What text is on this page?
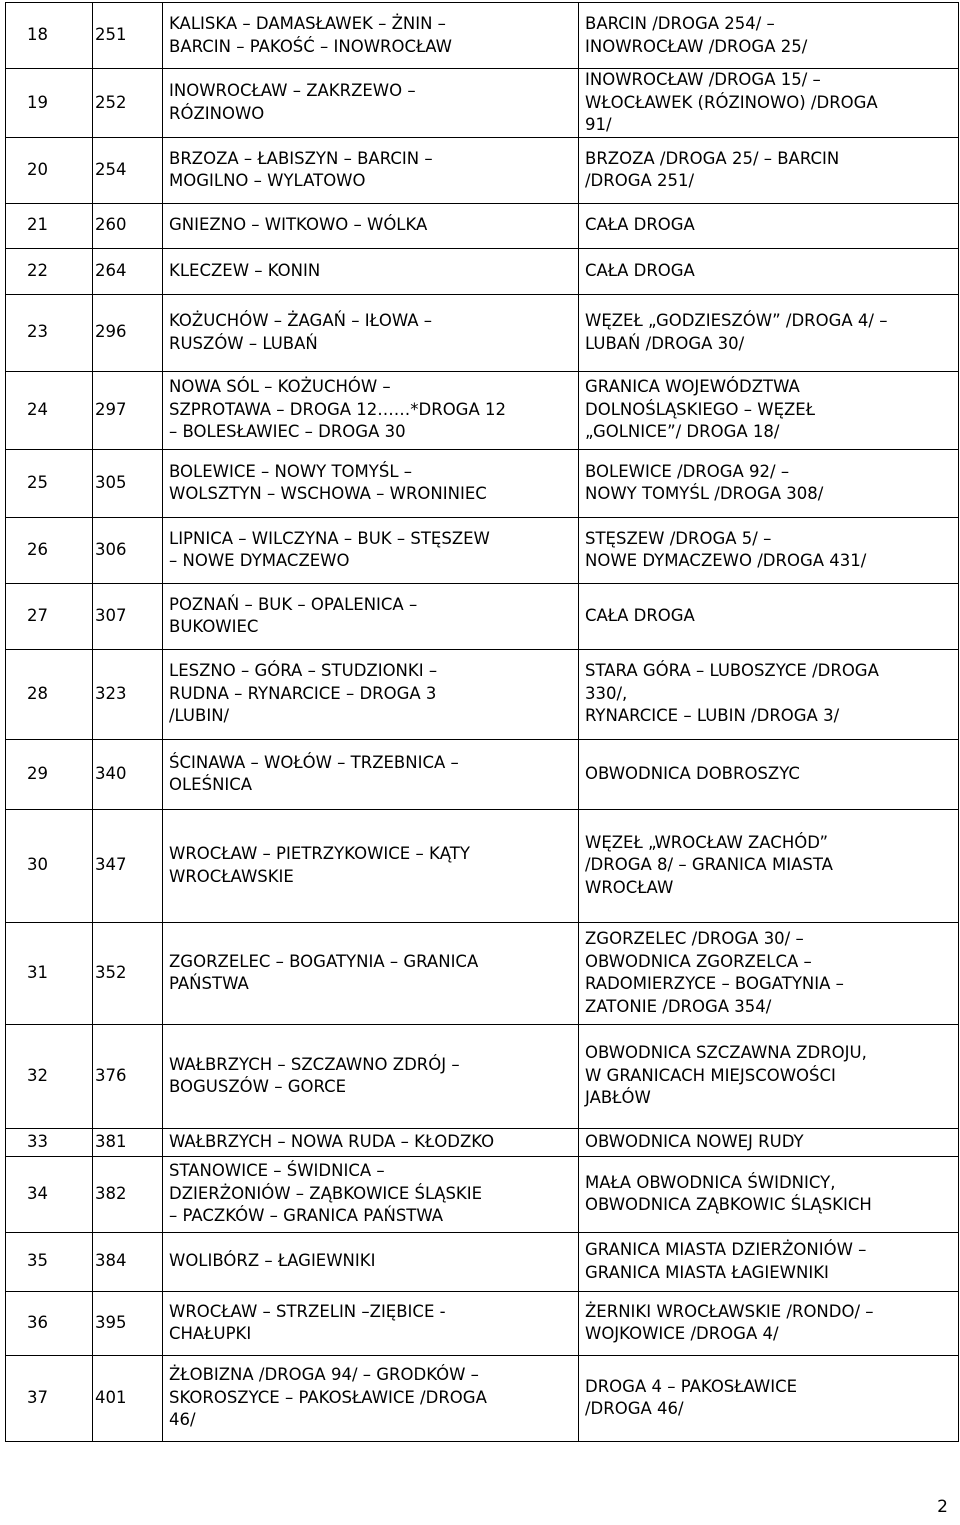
18	251	KALISKA – DAMASŁAWEK – ŻNIN –
BARCIN – PAKOŚĆ – INOWROCŁAW	BARCIN /DROGA 254/ –
INOWROCŁAW /DROGA 25/

19	252	INOWROCŁAW – ZAKRZEWO –
RÓZINOWO	INOWROCŁAW /DROGA 15/ –
WŁOCŁAWEK (RÓZINOWO) /DROGA
91/

20	254	BRZOZA – ŁABISZYN – BARCIN –
MOGILNO – WYLATOWO	BRZOZA /DROGA 25/ – BARCIN
/DROGA 251/

21	260	GNIEZNO – WITKOWO – WÓLKA	CAŁA DROGA

22	264	KLECZEW – KONIN	CAŁA DROGA

23	296	KOŻUCHÓW – ŻAGAŃ – IŁOWA –
RUSZÓW – LUBAŃ	WĘZEŁ „GODZIESZÓW” /DROGA 4/ –
LUBAŃ /DROGA 30/

24	297	NOWA SÓL – KOŻUCHÓW –
SZPROTAWA – DROGA 12……*DROGA 12
– BOLESŁAWIEC – DROGA 30	GRANICA WOJEWÓDZTWA
DOLNOŚLĄSKIEGO – WĘZEŁ
„GOLNICE”/ DROGA 18/

25	305	BOLEWICE – NOWY TOMYŚL –
WOLSZTYN – WSCHOWA – WRONINIEC	BOLEWICE /DROGA 92/ –
NOWY TOMYŚL /DROGA 308/

26	306	LIPNICA – WILCZYNA – BUK – STĘSZEW
– NOWE DYMACZEWO	STĘSZEW /DROGA 5/ –
NOWE DYMACZEWO /DROGA 431/

27	307	POZNAŃ – BUK – OPALENICA –
BUKOWIEC	CAŁA DROGA

28	323	LESZNO – GÓRA – STUDZIONKI –
RUDNA – RYNARCICE – DROGA 3
/LUBIN/	STARA GÓRA – LUBOSZYCE /DROGA
330/,
RYNARCICE – LUBIN /DROGA 3/

29	340	ŚCINAWA – WOŁÓW – TRZEBNICA –
OLEŚNICA	OBWODNICA DOBROSZYC

30	347	WROCŁAW – PIETRZYKOWICE – KĄTY
WROCŁAWSKIE	WĘZEŁ „WROCŁAW ZACHÓD”
/DROGA 8/ – GRANICA MIASTA
WROCŁAW

31	352	ZGORZELEC – BOGATYNIA – GRANICA
PAŃSTWA	ZGORZELEC /DROGA 30/ –
OBWODNICA ZGORZELCA –
RADOMIERZYCE – BOGATYNIA –
ZATONIE /DROGA 354/

32	376	WAŁBRZYCH – SZCZAWNO ZDRÓJ –
BOGUSZÓW – GORCE	OBWODNICA SZCZAWNA ZDROJU,
W GRANICACH MIEJSCOWOŚCI
JABŁÓW

33	381	WAŁBRZYCH – NOWA RUDA – KŁODZKO	OBWODNICA NOWEJ RUDY

34	382	STANOWICE – ŚWIDNICA –
DZIERŻONIÓW – ZĄBKOWICE ŚLĄSKIE
– PACZKÓW – GRANICA PAŃSTWA	MAŁA OBWODNICA ŚWIDNICY,
OBWODNICA ZĄBKOWIC ŚLĄSKICH

35	384	WOLIBÓRZ – ŁAGIEWNIKI	GRANICA MIASTA DZIERŻONIÓW –
GRANICA MIASTA ŁAGIEWNIKI

36	395	WROCŁAW – STRZELIN –ZIĘBICE -
CHAŁUPKI	ŻERNIKI WROCŁAWSKIE /RONDO/ –
WOJKOWICE /DROGA 4/

37	401	ŻŁOBIZNA /DROGA 94/ – GRODKÓW –
SKOROSZYCE – PAKOSŁAWICE /DROGA
46/	DROGA 4 – PAKOSŁAWICE
/DROGA 46/
2
